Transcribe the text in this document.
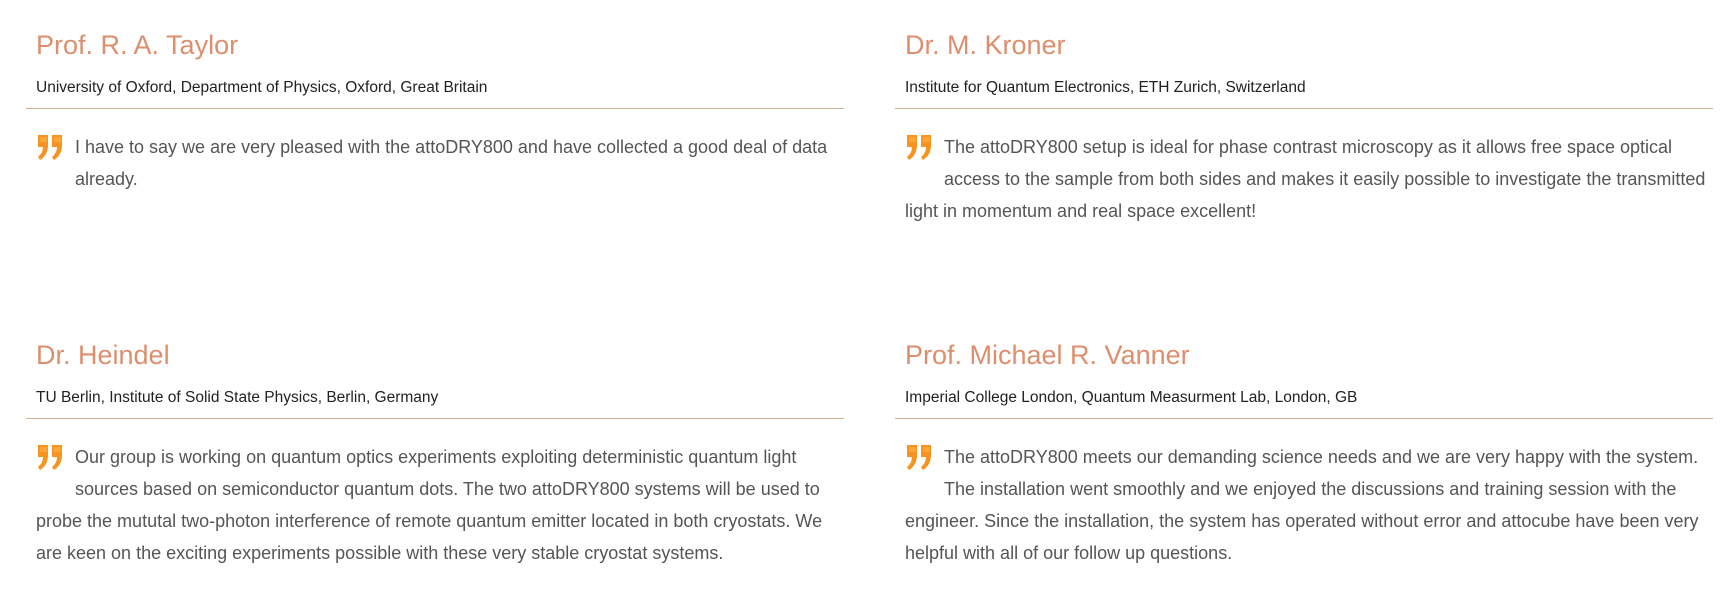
Prof. R. A. Taylor
University of Oxford, Department of Physics, Oxford, Great Britain
I have to say we are very pleased with the attoDRY800 and have collected a good deal of data already.
Dr. M. Kroner
Institute for Quantum Electronics, ETH Zurich, Switzerland
The attoDRY800 setup is ideal for phase contrast microscopy as it allows free space optical access to the sample from both sides and makes it easily possible to investigate the transmitted light in momentum and real space excellent!
Dr. Heindel
TU Berlin, Institute of Solid State Physics, Berlin, Germany
Our group is working on quantum optics experiments exploiting deterministic quantum light sources based on semiconductor quantum dots. The two attoDRY800 systems will be used to probe the mututal two-photon interference of remote quantum emitter located in both cryostats. We are keen on the exciting experiments possible with these very stable cryostat systems.
Prof. Michael R. Vanner
Imperial College London, Quantum Measurment Lab, London, GB
The attoDRY800 meets our demanding science needs and we are very happy with the system. The installation went smoothly and we enjoyed the discussions and training session with the engineer. Since the installation, the system has operated without error and attocube have been very helpful with all of our follow up questions.
